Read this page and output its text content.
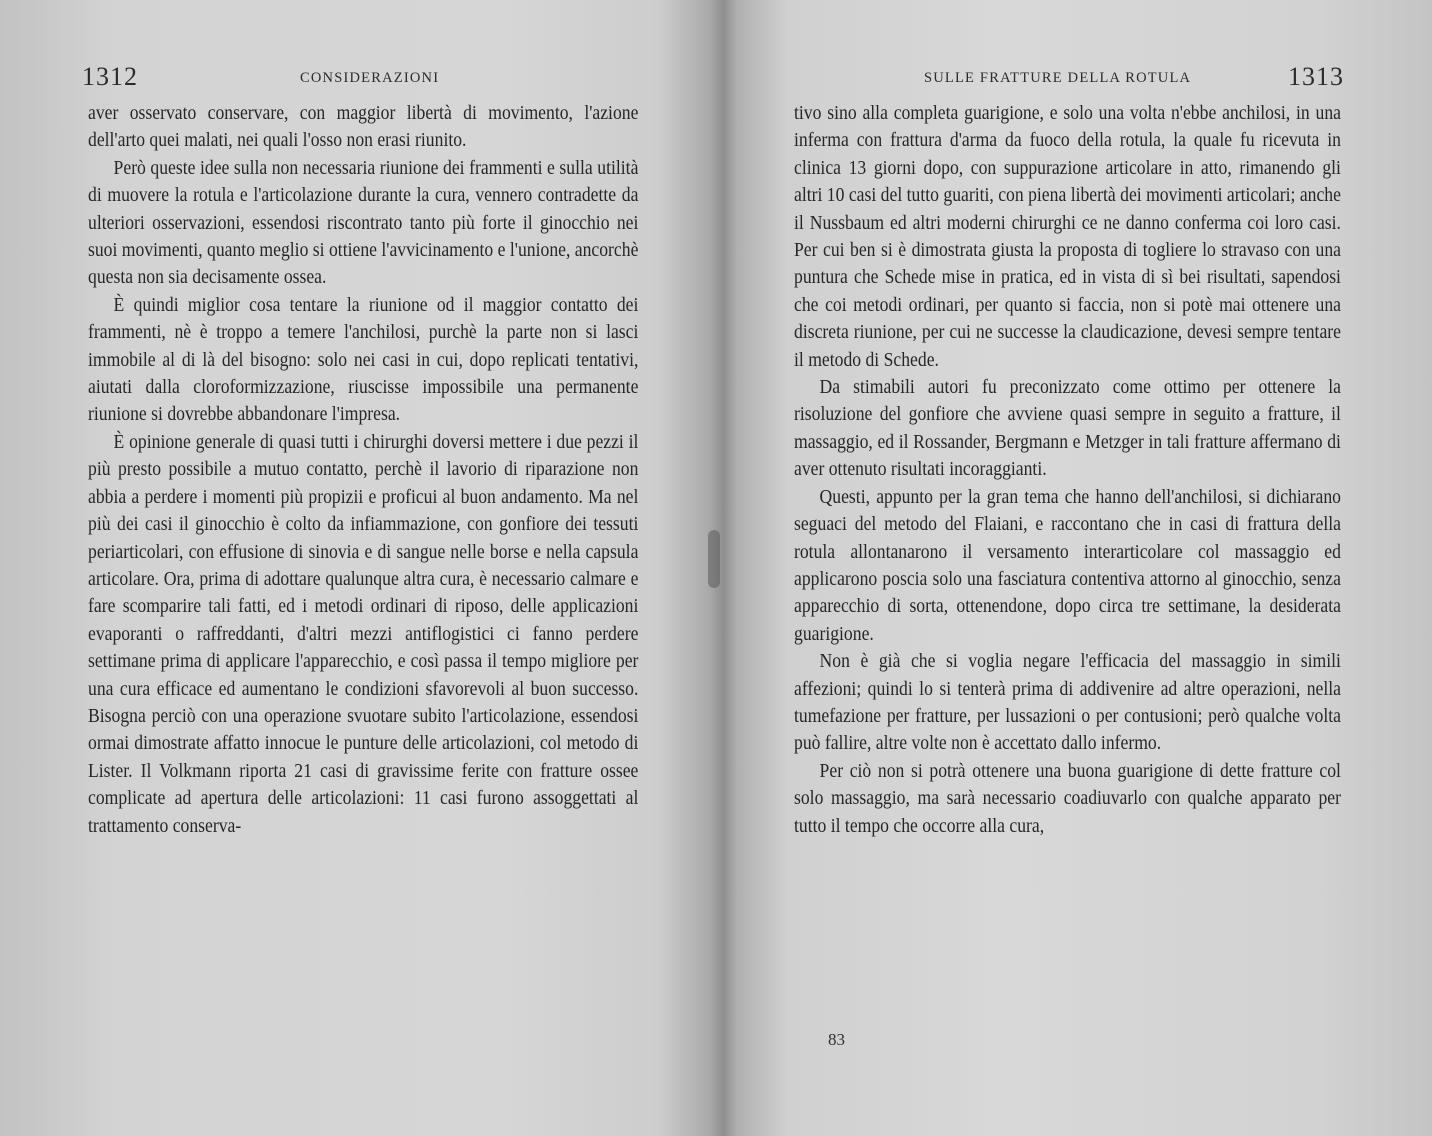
1312	CONSIDERAZIONI

aver osservato conservare, con maggior libertà di movimento, l'azione dell'arto quei malati, nei quali l'osso non erasi riunito.

Però queste idee sulla non necessaria riunione dei frammenti e sulla utilità di muovere la rotula e l'articolazione durante la cura, vennero contradette da ulteriori osservazioni, essendosi riscontrato tanto più forte il ginocchio nei suoi movimenti, quanto meglio si ottiene l'avvicinamento e l'unione, ancorchè questa non sia decisamente ossea.

È quindi miglior cosa tentare la riunione od il maggior contatto dei frammenti, nè è troppo a temere l'anchilosi, purchè la parte non si lasci immobile al di là del bisogno: solo nei casi in cui, dopo replicati tentativi, aiutati dalla cloroformizzazione, riuscisse impossibile una permanente riunione si dovrebbe abbandonare l'impresa.

È opinione generale di quasi tutti i chirurghi doversi mettere i due pezzi il più presto possibile a mutuo contatto, perchè il lavorio di riparazione non abbia a perdere i momenti più propizii e proficui al buon andamento. Ma nel più dei casi il ginocchio è colto da infiammazione, con gonfiore dei tessuti periarticolari, con effusione di sinovia e di sangue nelle borse e nella capsula articolare. Ora, prima di adottare qualunque altra cura, è necessario calmare e fare scomparire tali fatti, ed i metodi ordinari di riposo, delle applicazioni evaporanti o raffreddanti, d'altri mezzi antiflogistici ci fanno perdere settimane prima di applicare l'apparecchio, e così passa il tempo migliore per una cura efficace ed aumentano le condizioni sfavorevoli al buon successo. Bisogna perciò con una operazione svuotare subito l'articolazione, essendosi ormai dimostrate affatto innocue le punture delle articolazioni, col metodo di Lister. Il Volkmann riporta 21 casi di gravissime ferite con fratture ossee complicate ad apertura delle articolazioni: 11 casi furono assoggettati al trattamento conserva-

SULLE FRATTURE DELLA ROTULA	1313

tivo sino alla completa guarigione, e solo una volta n'ebbe anchilosi, in una inferma con frattura d'arma da fuoco della rotula, la quale fu ricevuta in clinica 13 giorni dopo, con suppurazione articolare in atto, rimanendo gli altri 10 casi del tutto guariti, con piena libertà dei movimenti articolari; anche il Nussbaum ed altri moderni chirurghi ce ne danno conferma coi loro casi. Per cui ben si è dimostrata giusta la proposta di togliere lo stravaso con una puntura che Schede mise in pratica, ed in vista di sì bei risultati, sapendosi che coi metodi ordinari, per quanto si faccia, non si potè mai ottenere una discreta riunione, per cui ne successe la claudicazione, devesi sempre tentare il metodo di Schede.

Da stimabili autori fu preconizzato come ottimo per ottenere la risoluzione del gonfiore che avviene quasi sempre in seguito a fratture, il massaggio, ed il Rossander, Bergmann e Metzger in tali fratture affermano di aver ottenuto risultati incoraggianti.

Questi, appunto per la gran tema che hanno dell'anchilosi, si dichiarano seguaci del metodo del Flaiani, e raccontano che in casi di frattura della rotula allontanarono il versamento interarticolare col massaggio ed applicarono poscia solo una fasciatura contentiva attorno al ginocchio, senza apparecchio di sorta, ottenendone, dopo circa tre settimane, la desiderata guarigione.

Non è già che si voglia negare l'efficacia del massaggio in simili affezioni; quindi lo si tenterà prima di addivenire ad altre operazioni, nella tumefazione per fratture, per lussazioni o per contusioni; però qualche volta può fallire, altre volte non è accettato dallo infermo.

Per ciò non si potrà ottenere una buona guarigione di dette fratture col solo massaggio, ma sarà necessario coadiuvarlo con qualche apparato per tutto il tempo che occorre alla cura,

83
